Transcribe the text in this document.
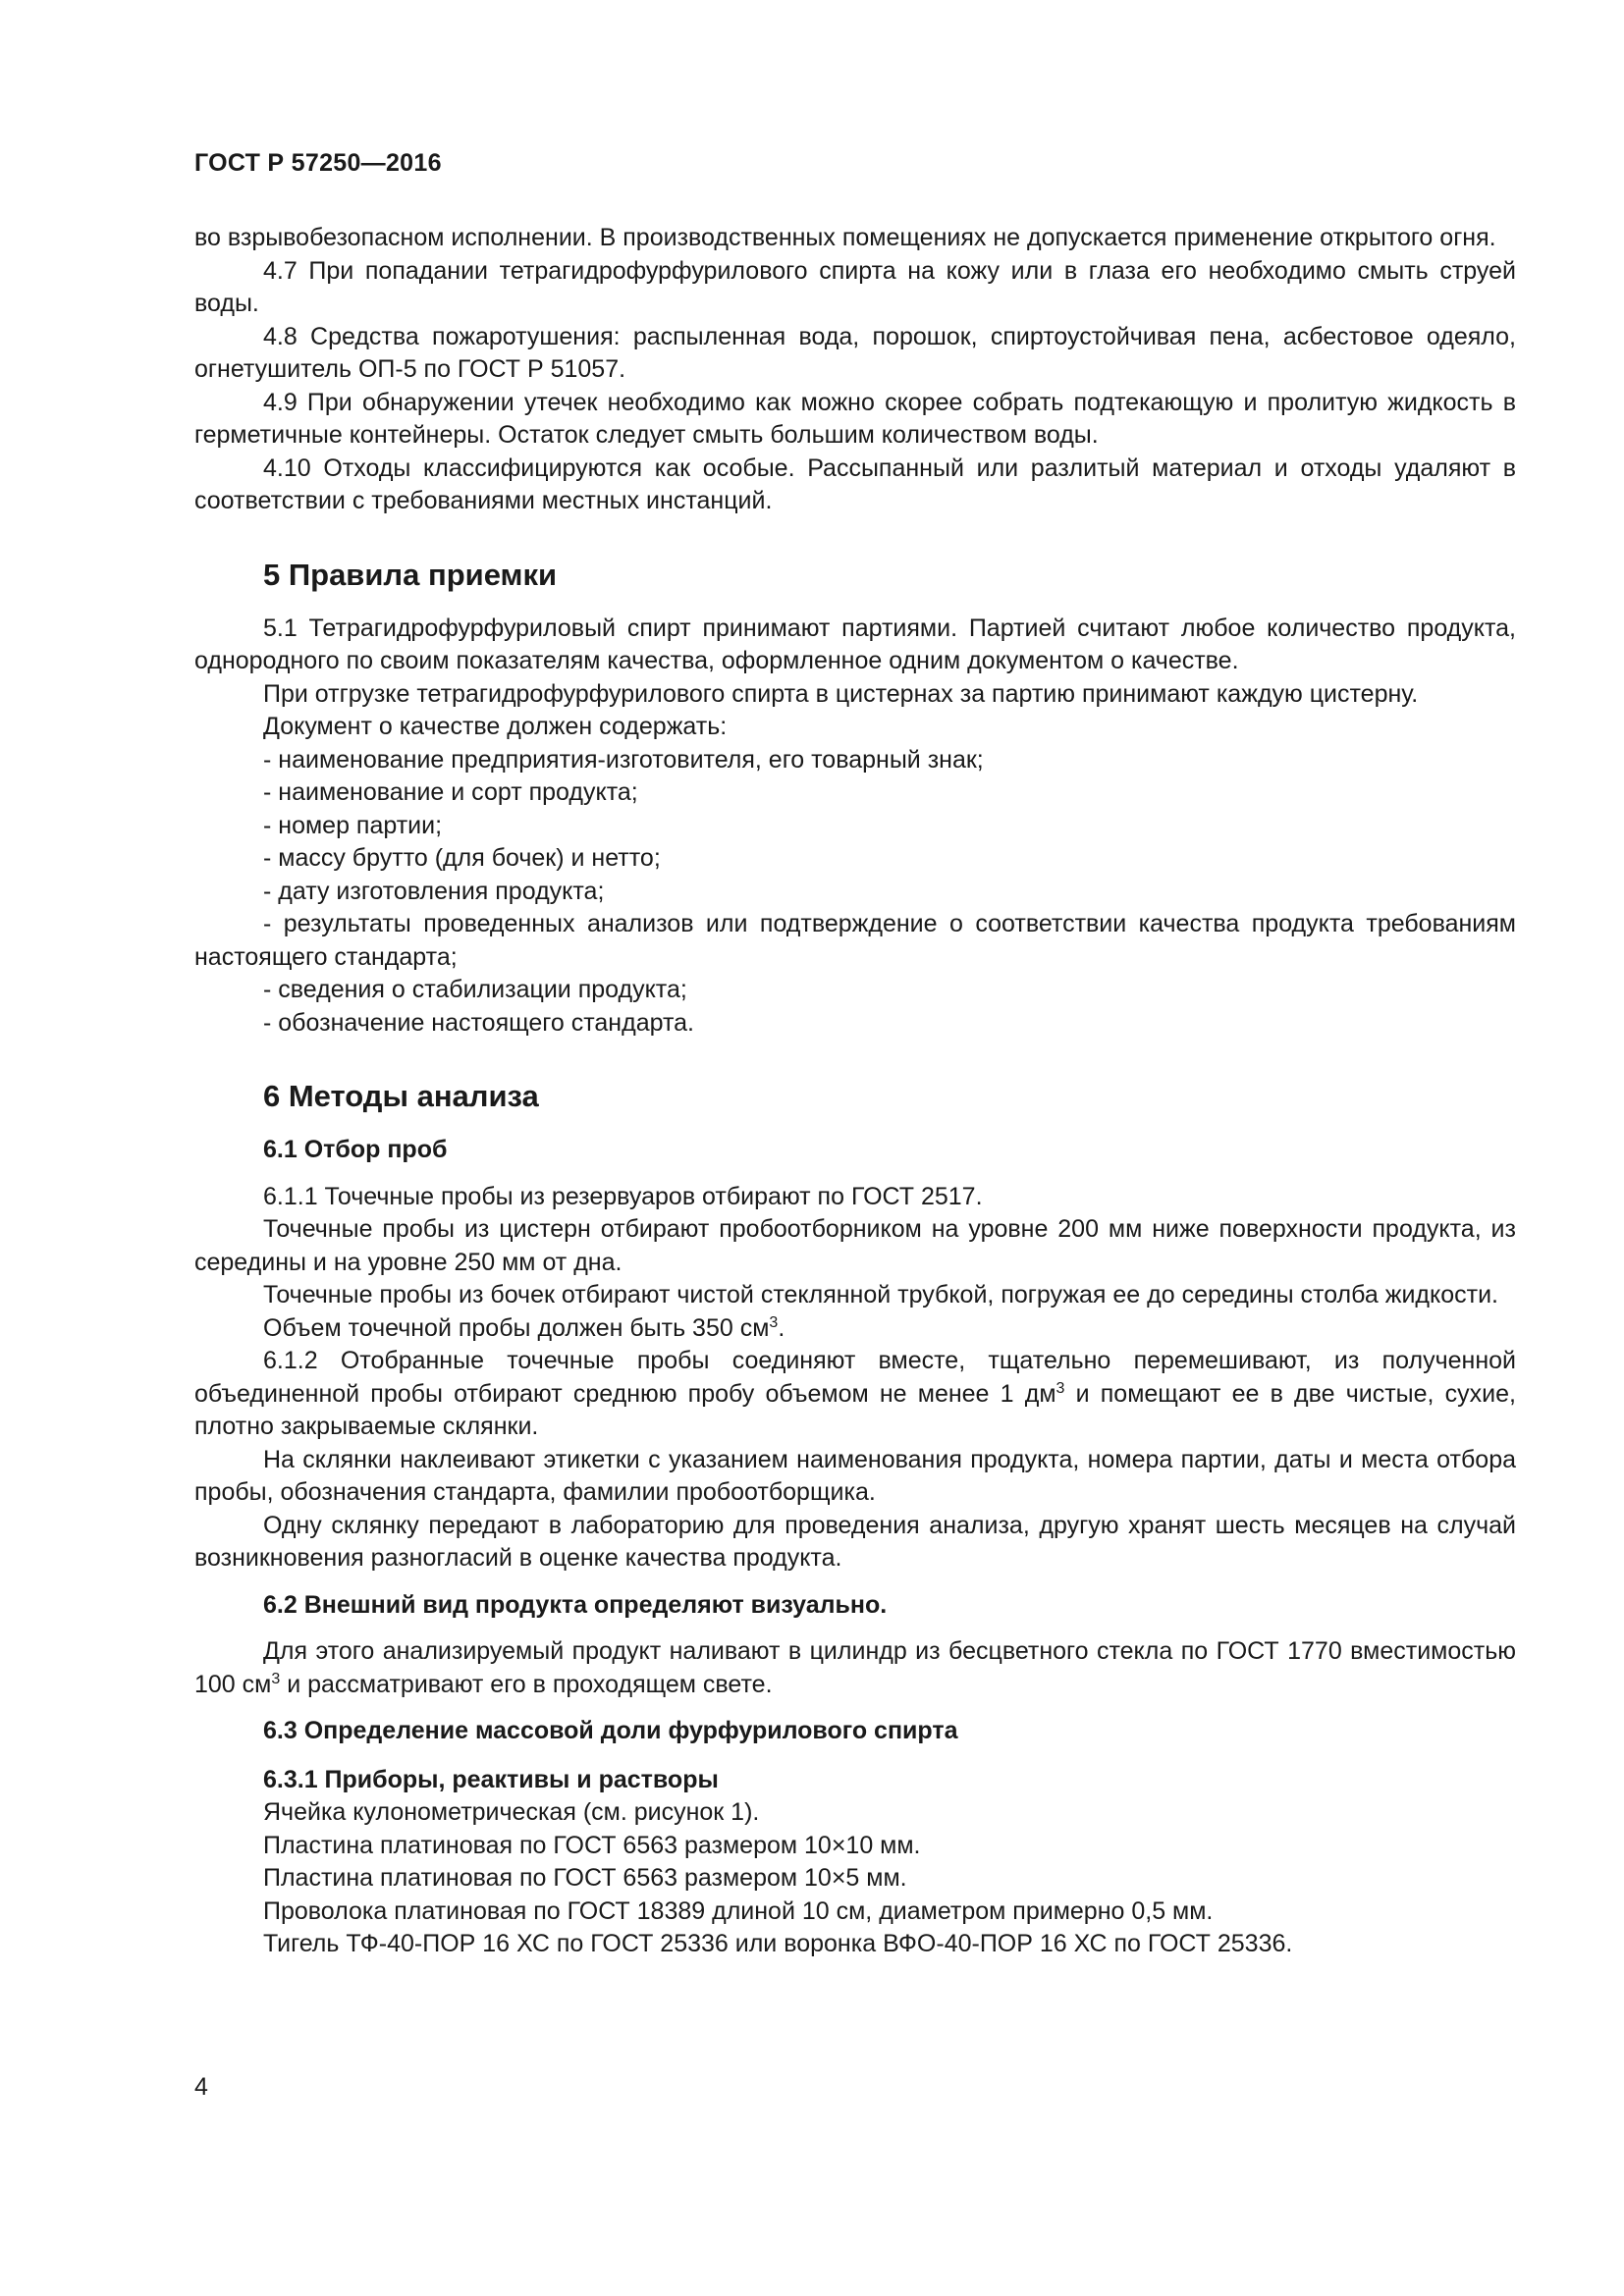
ГОСТ Р 57250—2016

во взрывобезопасном исполнении. В производственных помещениях не допускается применение открытого огня.

4.7 При попадании тетрагидрофурфурилового спирта на кожу или в глаза его необходимо смыть струей воды.

4.8 Средства пожаротушения: распыленная вода, порошок, спиртоустойчивая пена, асбестовое одеяло, огнетушитель ОП-5 по ГОСТ Р 51057.

4.9 При обнаружении утечек необходимо как можно скорее собрать подтекающую и пролитую жидкость в герметичные контейнеры. Остаток следует смыть большим количеством воды.

4.10 Отходы классифицируются как особые. Рассыпанный или разлитый материал и отходы удаляют в соответствии с требованиями местных инстанций.

5 Правила приемки

5.1 Тетрагидрофурфуриловый спирт принимают партиями. Партией считают любое количество продукта, однородного по своим показателям качества, оформленное одним документом о качестве.

При отгрузке тетрагидрофурфурилового спирта в цистернах за партию принимают каждую цистерну.

Документ о качестве должен содержать:

- наименование предприятия-изготовителя, его товарный знак;

- наименование и сорт продукта;

- номер партии;

- массу брутто (для бочек) и нетто;

- дату изготовления продукта;

- результаты проведенных анализов или подтверждение о соответствии качества продукта требованиям настоящего стандарта;

- сведения о стабилизации продукта;

- обозначение настоящего стандарта.

6 Методы анализа
6.1 Отбор проб

6.1.1 Точечные пробы из резервуаров отбирают по ГОСТ 2517.

Точечные пробы из цистерн отбирают пробоотборником на уровне 200 мм ниже поверхности продукта, из середины и на уровне 250 мм от дна.

Точечные пробы из бочек отбирают чистой стеклянной трубкой, погружая ее до середины столба жидкости.

Объем точечной пробы должен быть 350 $см^3$.

6.1.2 Отобранные точечные пробы соединяют вместе, тщательно перемешивают, из полученной объединенной пробы отбирают среднюю пробу объемом не менее 1 $дм^3$ и помещают ее в две чистые, сухие, плотно закрываемые склянки.

На склянки наклеивают этикетки с указанием наименования продукта, номера партии, даты и места отбора пробы, обозначения стандарта, фамилии пробоотборщика.

Одну склянку передают в лабораторию для проведения анализа, другую хранят шесть месяцев на случай возникновения разногласий в оценке качества продукта.

6.2 Внешний вид продукта определяют визуально.

Для этого анализируемый продукт наливают в цилиндр из бесцветного стекла по ГОСТ 1770 вместимостью 100 $см^3$ и рассматривают его в проходящем свете.

6.3 Определение массовой доли фурфурилового спирта
6.3.1 Приборы, реактивы и растворы

Ячейка кулонометрическая (см. рисунок 1).

Пластина платиновая по ГОСТ 6563 размером 10×10 мм.

Пластина платиновая по ГОСТ 6563 размером 10×5 мм.

Проволока платиновая по ГОСТ 18389 длиной 10 см, диаметром примерно 0,5 мм.

Тигель ТФ-40-ПОР 16 ХС по ГОСТ 25336 или воронка ВФО-40-ПОР 16 ХС по ГОСТ 25336.

4
